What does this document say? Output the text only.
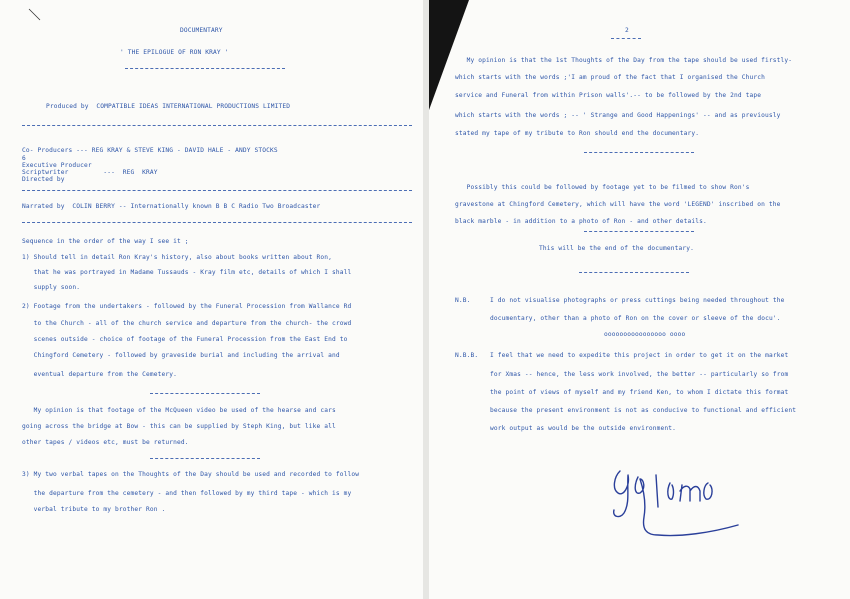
DOCUMENTARY
' THE EPILOGUE OF RON KRAY '
Produced by  COMPATIBLE IDEAS INTERNATIONAL PRODUCTIONS LIMITED
Co- Producers --- REG KRAY & STEVE KING - DAVID HALE - ANDY STOCKS
6
Executive Producer
Scriptwriter         ---  REG  KRAY
Directed by
Narrated by  COLIN BERRY -- Internationally known B B C Radio Two Broadcaster
Sequence in the order of the way I see it ;
1) Should tell in detail Ron Kray's history, also about books written about Ron,
that he was portrayed in Madame Tussauds - Kray film etc, details of which I shall
supply soon.
2) Footage from the undertakers - followed by the Funeral Procession from Wallance Rd
to the Church - all of the church service and departure from the church- the crowd
scenes outside - choice of footage of the Funeral Procession from the East End to
Chingford Cemetery - followed by graveside burial and including the arrival and
eventual departure from the Cemetery.
My opinion is that footage of the McQueen video be used of the hearse and cars
going across the bridge at Bow - this can be supplied by Steph King, but like all
other tapes / videos etc, must be returned.
3) My two verbal tapes on the Thoughts of the Day should be used and recorded to follow
the departure from the cemetery - and then followed by my third tape - which is my
verbal tribute to my brother Ron .
2
My opinion is that the 1st Thoughts of the Day from the tape should be used firstly-
which starts with the words ;'I am proud of the fact that I organised the Church
service and Funeral from within Prison walls'.-- to be followed by the 2nd tape
which starts with the words ; -- ' Strange and Good Happenings' -- and as previously
stated my tape of my tribute to Ron should end the documentary.
Possibly this could be followed by footage yet to be filmed to show Ron's
gravestone at Chingford Cemetery, which will have the word 'LEGEND' inscribed on the
black marble - in addition to a photo of Ron - and other details.
This will be the end of the documentary.
N.B.	I do not visualise photographs or press cuttings being needed throughout the
documentary, other than a photo of Ron on the cover or sleeve of the docu'.
oooooooooooooooo oooo
N.B.B. I feel that we need to expedite this project in order to get it on the market
for Xmas -- hence, the less work involved, the better -- particularly so from
the point of views of myself and my friend Ken, to whom I dictate this format
because the present environment is not as conducive to functional and efficient
work output as would be the outside environment.
